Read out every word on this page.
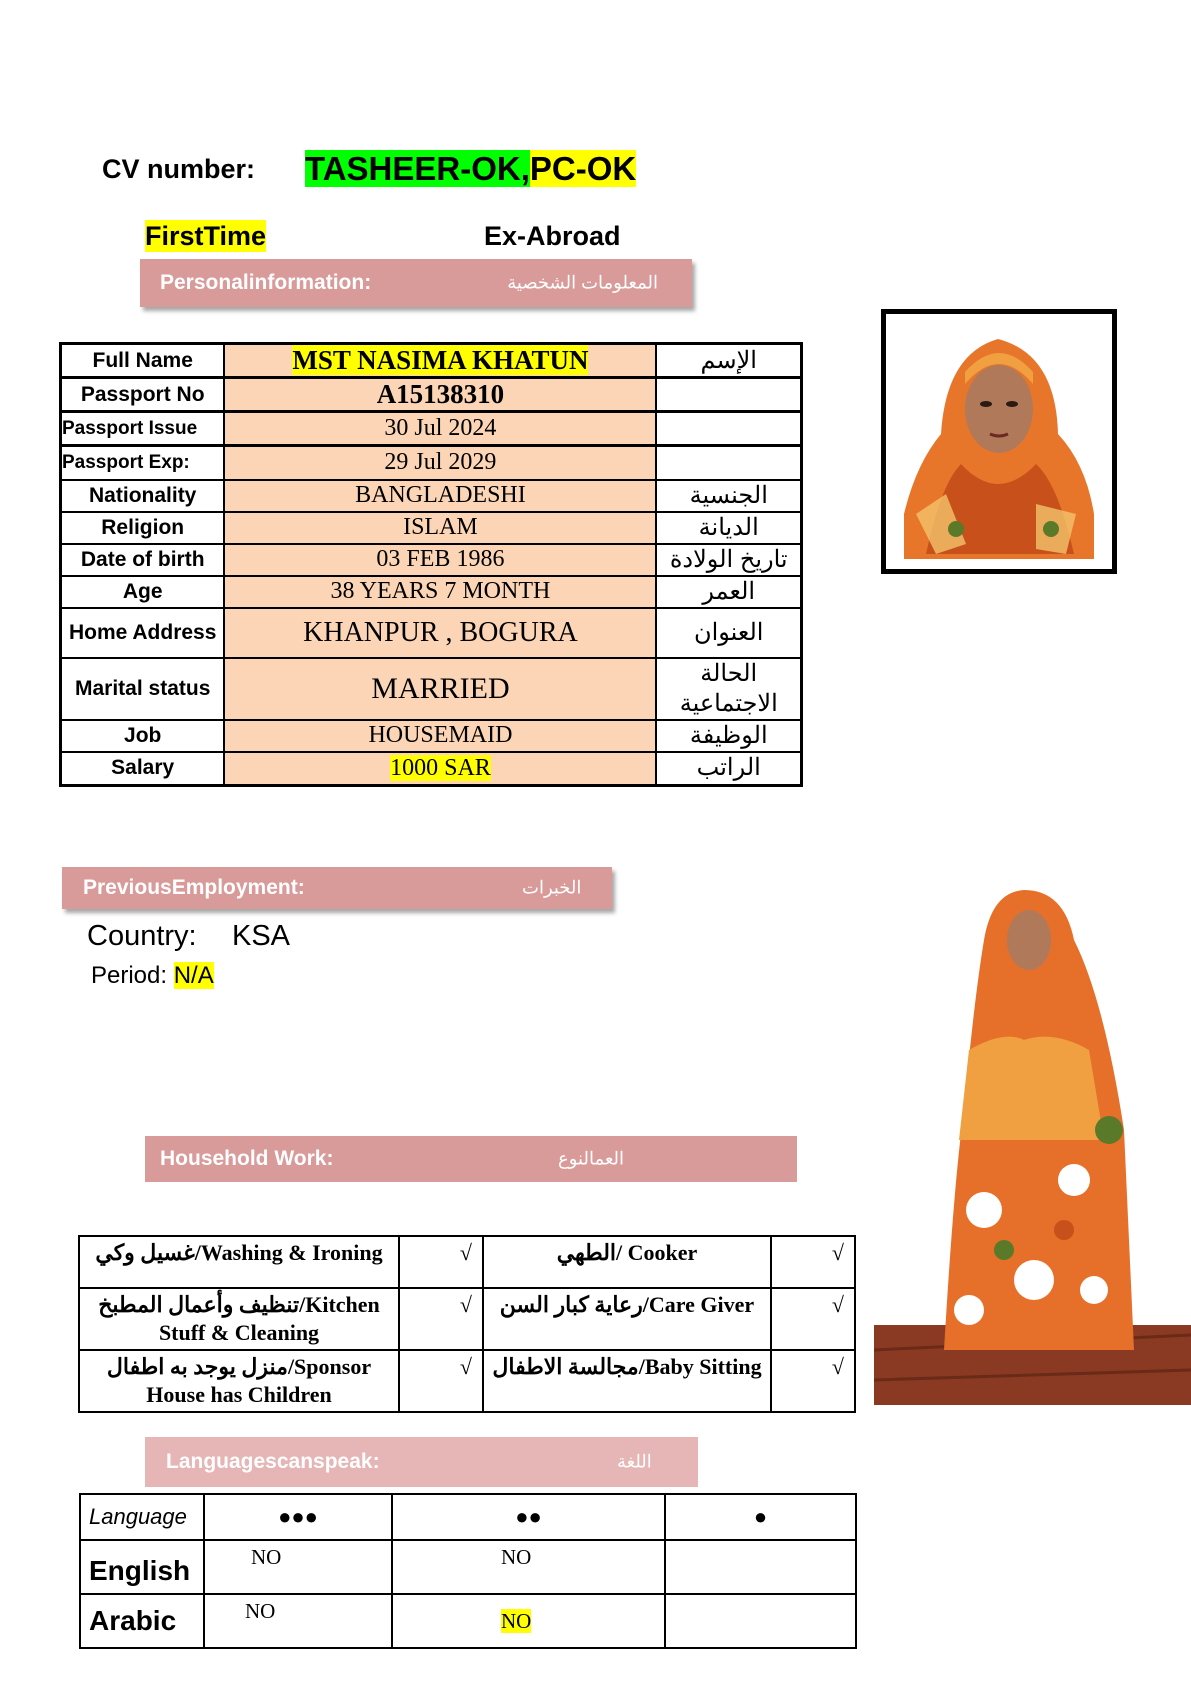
CV number: TASHEER-OK,PC-OK
FirstTime	Ex-Abroad
Personalinformation:	المعلومات الشخصية
Full Name	MST NASIMA KHATUN	الإسم
Passport No	A15138310	
Passport Issue	30 Jul 2024	
Passport Exp:	29 Jul 2029	
Nationality	BANGLADESHI	الجنسية
Religion	ISLAM	الديانة
Date of birth	03 FEB 1986	تاريخ الولادة
Age	38 YEARS 7 MONTH	العمر
Home Address	KHANPUR , BOGURA	العنوان
Marital status	MARRIED	الحالة الاجتماعية
Job	HOUSEMAID	الوظيفة
Salary	1000 SAR	الراتب
PreviousEmployment:	الخبرات
Country: KSA
Period: N/A
Household Work:	العمالنوع
غسيل وكي/Washing & Ironing	√	الطهي/ Cooker	√
تنظيف وأعمال المطبخ/Kitchen Stuff & Cleaning	√	رعاية كبار السن/Care Giver	√
منزل يوجد به اطفال/Sponsor House has Children	√	مجالسة الاطفال/Baby Sitting	√
Languagescanspeak:	اللغة
Language	●●●	●●	●
English	NO	NO	
Arabic	NO	NO	
